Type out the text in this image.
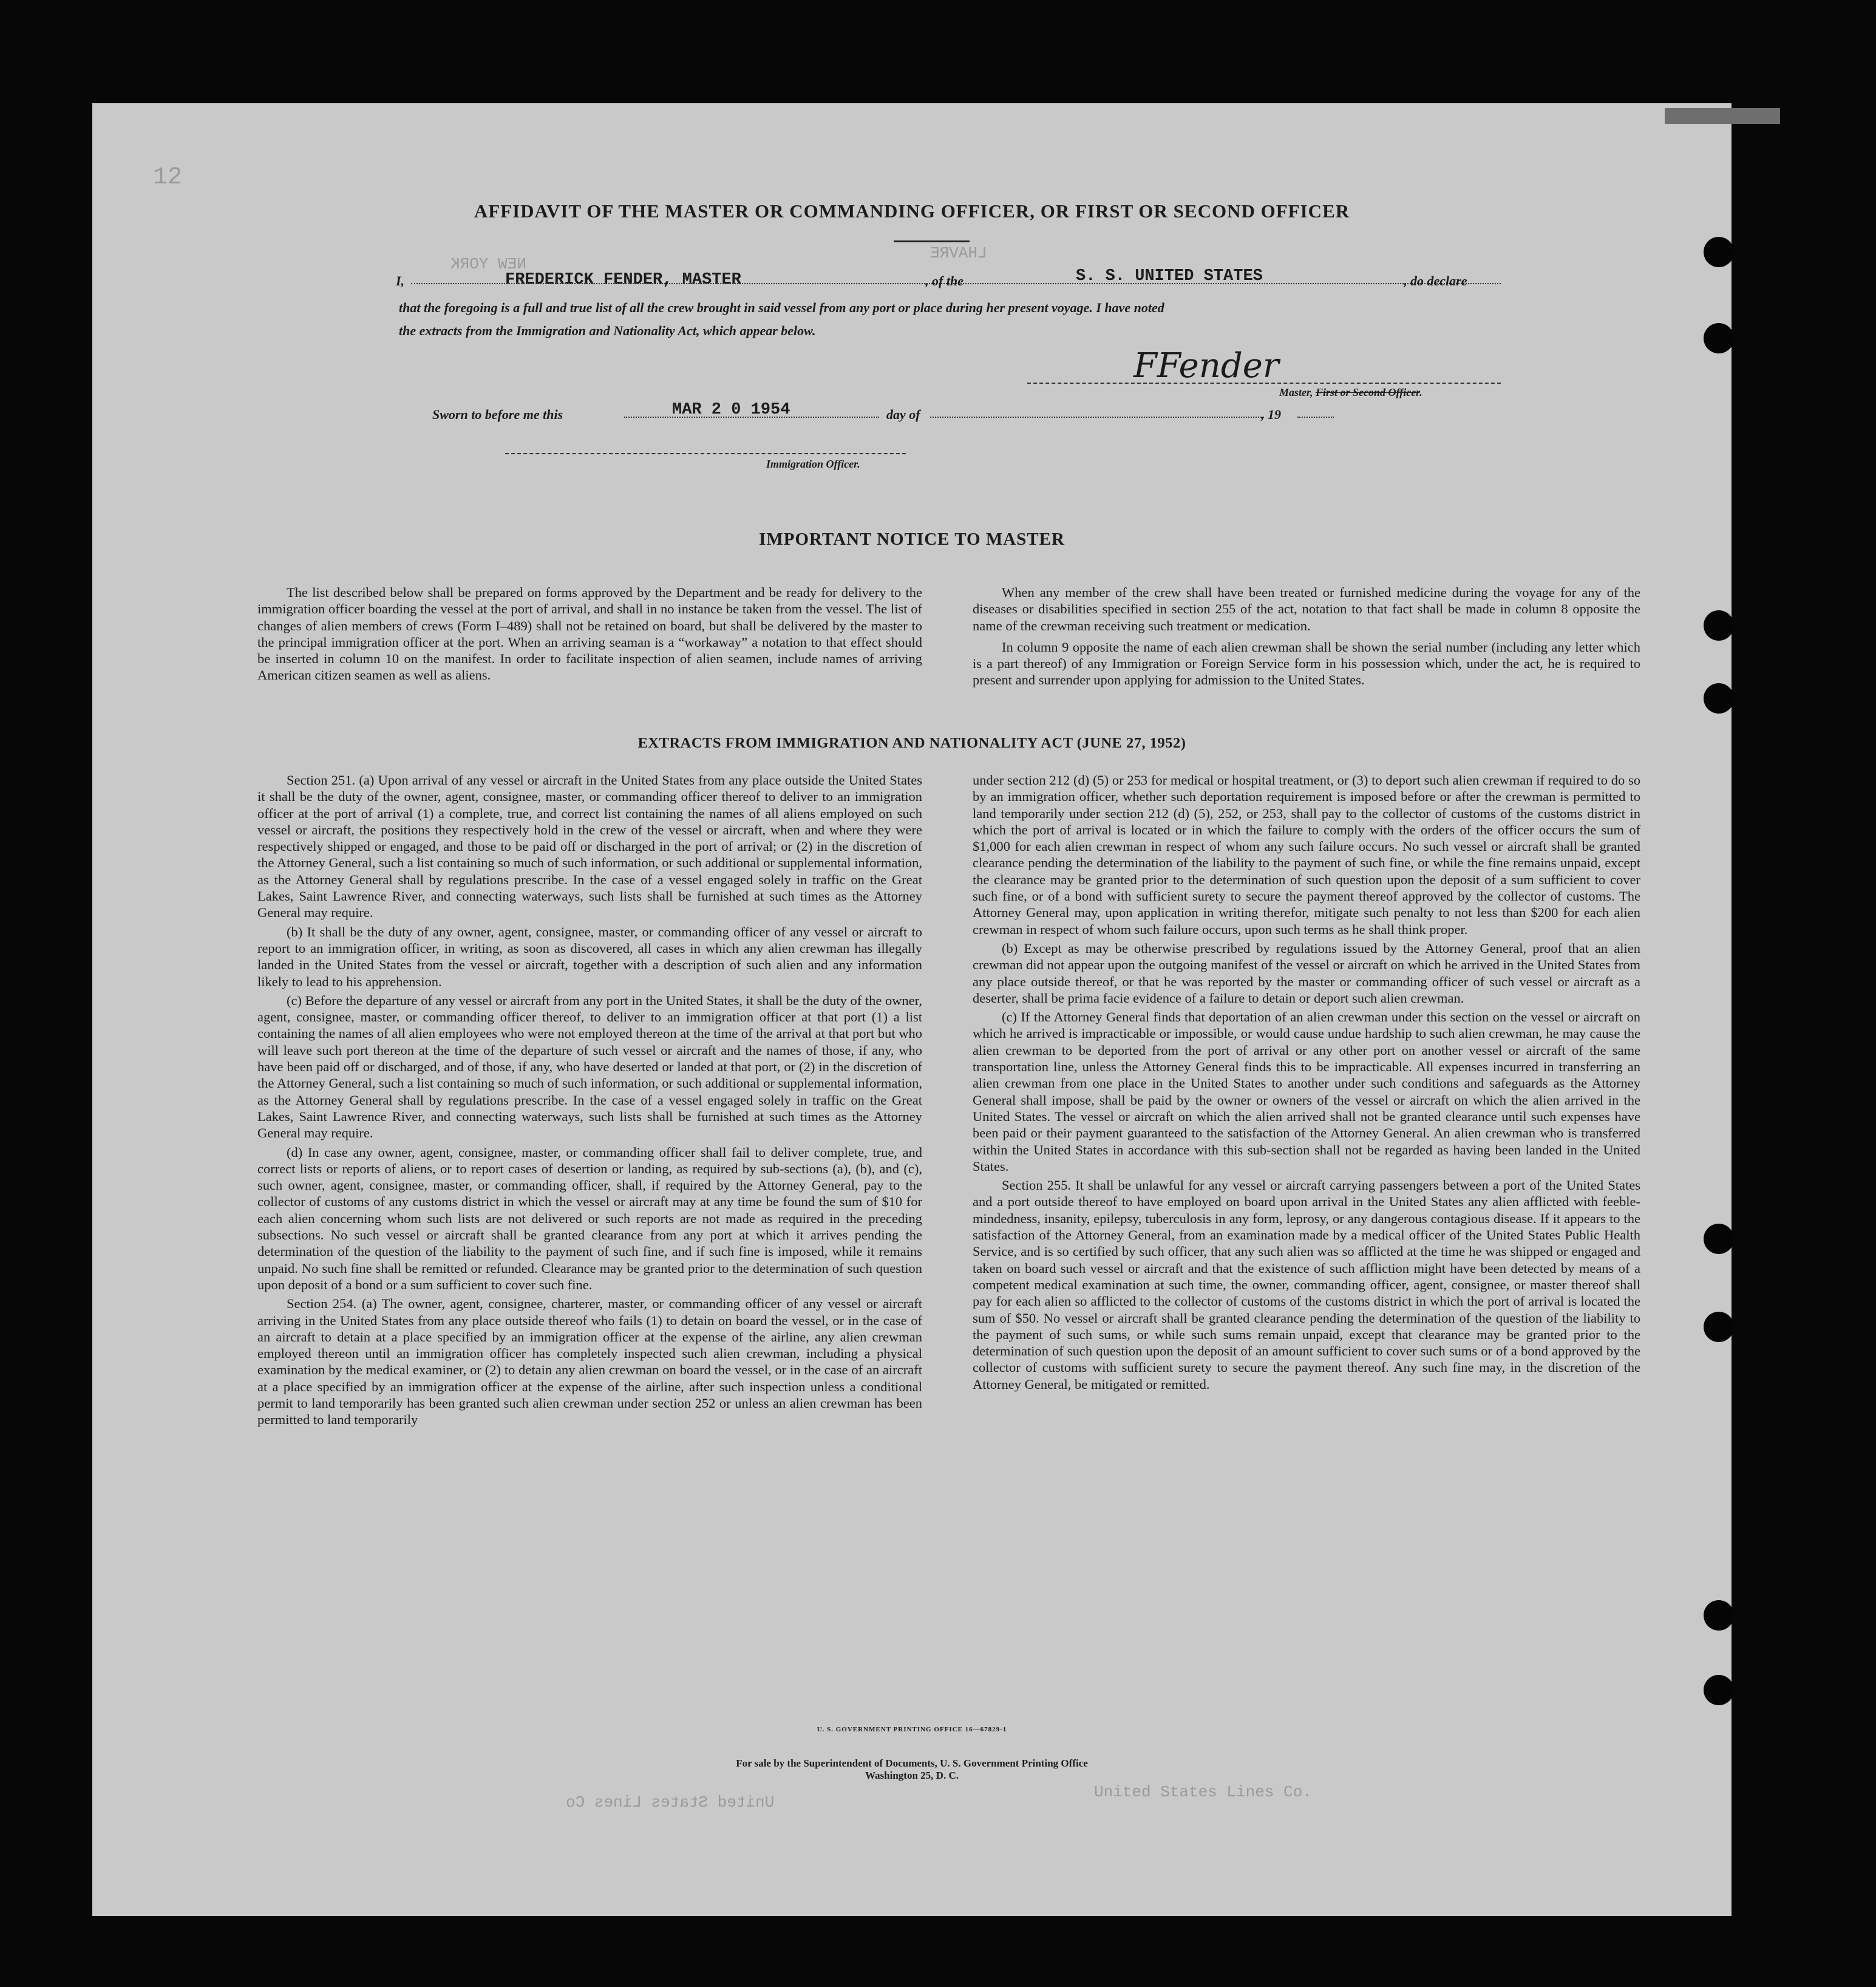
12
NEW YORK
LHAVRE
United States Lines Co
United States Lines Co.
AFFIDAVIT OF THE MASTER OR COMMANDING OFFICER, OR FIRST OR SECOND OFFICER
I,	FREDERICK FENDER, MASTER	, of the	S. S. UNITED STATES	, do declare
that the foregoing is a full and true list of all the crew brought in said vessel from any port or place during her present voyage. I have noted
the extracts from the Immigration and Nationality Act, which appear below.
FFender
Master, First or Second Officer.
Sworn to before me this	MAR 2 0 1954	day of	, 19
Immigration Officer.
IMPORTANT NOTICE TO MASTER

The list described below shall be prepared on forms approved by the Department and be ready for delivery to the immigration officer boarding the vessel at the port of arrival, and shall in no instance be taken from the vessel. The list of changes of alien members of crews (Form I–489) shall not be retained on board, but shall be delivered by the master to the principal immigration officer at the port. When an arriving seaman is a “workaway” a notation to that effect should be inserted in column 10 on the manifest. In order to facilitate inspection of alien seamen, include names of arriving American citizen seamen as well as aliens.

When any member of the crew shall have been treated or furnished medicine during the voyage for any of the diseases or disabilities specified in section 255 of the act, notation to that fact shall be made in column 8 opposite the name of the crewman receiving such treatment or medication.

In column 9 opposite the name of each alien crewman shall be shown the serial number (including any letter which is a part thereof) of any Immigration or Foreign Service form in his possession which, under the act, he is required to present and surrender upon applying for admission to the United States.

EXTRACTS FROM IMMIGRATION AND NATIONALITY ACT (JUNE 27, 1952)

Section 251. (a) Upon arrival of any vessel or aircraft in the United States from any place outside the United States it shall be the duty of the owner, agent, consignee, master, or commanding officer thereof to deliver to an immigration officer at the port of arrival (1) a complete, true, and correct list containing the names of all aliens employed on such vessel or aircraft, the positions they respectively hold in the crew of the vessel or aircraft, when and where they were respectively shipped or engaged, and those to be paid off or discharged in the port of arrival; or (2) in the discretion of the Attorney General, such a list containing so much of such information, or such additional or supplemental information, as the Attorney General shall by regulations prescribe. In the case of a vessel engaged solely in traffic on the Great Lakes, Saint Lawrence River, and connecting waterways, such lists shall be furnished at such times as the Attorney General may require.

(b) It shall be the duty of any owner, agent, consignee, master, or commanding officer of any vessel or aircraft to report to an immigration officer, in writing, as soon as discovered, all cases in which any alien crewman has illegally landed in the United States from the vessel or aircraft, together with a description of such alien and any information likely to lead to his apprehension.

(c) Before the departure of any vessel or aircraft from any port in the United States, it shall be the duty of the owner, agent, consignee, master, or commanding officer thereof, to deliver to an immigration officer at that port (1) a list containing the names of all alien employees who were not employed thereon at the time of the arrival at that port but who will leave such port thereon at the time of the departure of such vessel or aircraft and the names of those, if any, who have been paid off or discharged, and of those, if any, who have deserted or landed at that port, or (2) in the discretion of the Attorney General, such a list containing so much of such information, or such additional or supplemental information, as the Attorney General shall by regulations prescribe. In the case of a vessel engaged solely in traffic on the Great Lakes, Saint Lawrence River, and connecting waterways, such lists shall be furnished at such times as the Attorney General may require.

(d) In case any owner, agent, consignee, master, or commanding officer shall fail to deliver complete, true, and correct lists or reports of aliens, or to report cases of desertion or landing, as required by sub-sections (a), (b), and (c), such owner, agent, consignee, master, or commanding officer, shall, if required by the Attorney General, pay to the collector of customs of any customs district in which the vessel or aircraft may at any time be found the sum of $10 for each alien concerning whom such lists are not delivered or such reports are not made as required in the preceding subsections. No such vessel or aircraft shall be granted clearance from any port at which it arrives pending the determination of the question of the liability to the payment of such fine, and if such fine is imposed, while it remains unpaid. No such fine shall be remitted or refunded. Clearance may be granted prior to the determination of such question upon deposit of a bond or a sum sufficient to cover such fine.

Section 254. (a) The owner, agent, consignee, charterer, master, or commanding officer of any vessel or aircraft arriving in the United States from any place outside thereof who fails (1) to detain on board the vessel, or in the case of an aircraft to detain at a place specified by an immigration officer at the expense of the airline, any alien crewman employed thereon until an immigration officer has completely inspected such alien crewman, including a physical examination by the medical examiner, or (2) to detain any alien crewman on board the vessel, or in the case of an aircraft at a place specified by an immigration officer at the expense of the airline, after such inspection unless a conditional permit to land temporarily has been granted such alien crewman under section 252 or unless an alien crewman has been permitted to land temporarily

under section 212 (d) (5) or 253 for medical or hospital treatment, or (3) to deport such alien crewman if required to do so by an immigration officer, whether such deportation requirement is imposed before or after the crewman is permitted to land temporarily under section 212 (d) (5), 252, or 253, shall pay to the collector of customs of the customs district in which the port of arrival is located or in which the failure to comply with the orders of the officer occurs the sum of $1,000 for each alien crewman in respect of whom any such failure occurs. No such vessel or aircraft shall be granted clearance pending the determination of the liability to the payment of such fine, or while the fine remains unpaid, except the clearance may be granted prior to the determination of such question upon the deposit of a sum sufficient to cover such fine, or of a bond with sufficient surety to secure the payment thereof approved by the collector of customs. The Attorney General may, upon application in writing therefor, mitigate such penalty to not less than $200 for each alien crewman in respect of whom such failure occurs, upon such terms as he shall think proper.

(b) Except as may be otherwise prescribed by regulations issued by the Attorney General, proof that an alien crewman did not appear upon the outgoing manifest of the vessel or aircraft on which he arrived in the United States from any place outside thereof, or that he was reported by the master or commanding officer of such vessel or aircraft as a deserter, shall be prima facie evidence of a failure to detain or deport such alien crewman.

(c) If the Attorney General finds that deportation of an alien crewman under this section on the vessel or aircraft on which he arrived is impracticable or impossible, or would cause undue hardship to such alien crewman, he may cause the alien crewman to be deported from the port of arrival or any other port on another vessel or aircraft of the same transportation line, unless the Attorney General finds this to be impracticable. All expenses incurred in transferring an alien crewman from one place in the United States to another under such conditions and safeguards as the Attorney General shall impose, shall be paid by the owner or owners of the vessel or aircraft on which the alien arrived in the United States. The vessel or aircraft on which the alien arrived shall not be granted clearance until such expenses have been paid or their payment guaranteed to the satisfaction of the Attorney General. An alien crewman who is transferred within the United States in accordance with this sub-section shall not be regarded as having been landed in the United States.

Section 255. It shall be unlawful for any vessel or aircraft carrying passengers between a port of the United States and a port outside thereof to have employed on board upon arrival in the United States any alien afflicted with feeble-mindedness, insanity, epilepsy, tuberculosis in any form, leprosy, or any dangerous contagious disease. If it appears to the satisfaction of the Attorney General, from an examination made by a medical officer of the United States Public Health Service, and is so certified by such officer, that any such alien was so afflicted at the time he was shipped or engaged and taken on board such vessel or aircraft and that the existence of such affliction might have been detected by means of a competent medical examination at such time, the owner, commanding officer, agent, consignee, or master thereof shall pay for each alien so afflicted to the collector of customs of the customs district in which the port of arrival is located the sum of $50. No vessel or aircraft shall be granted clearance pending the determination of the question of the liability to the payment of such sums, or while such sums remain unpaid, except that clearance may be granted prior to the determination of such question upon the deposit of an amount sufficient to cover such sums or of a bond approved by the collector of customs with sufficient surety to secure the payment thereof. Any such fine may, in the discretion of the Attorney General, be mitigated or remitted.

U. S. GOVERNMENT PRINTING OFFICE 16—67829-1
For sale by the Superintendent of Documents, U. S. Government Printing Office
Washington 25, D. C.
